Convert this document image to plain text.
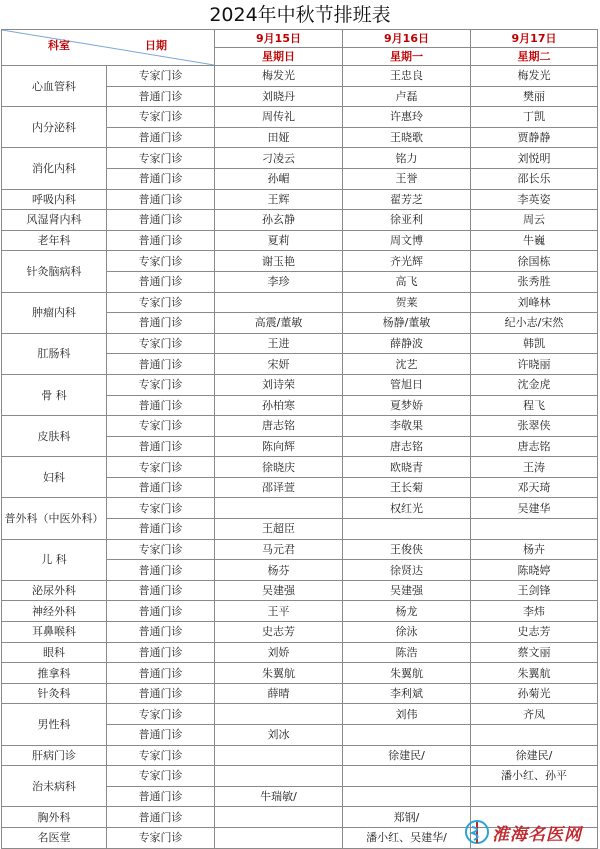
2024年中秋节排班表
科室 日期		9月15日	9月16日	9月17日
		星期日	星期一	星期二
心血管科	专家门诊	梅发光	王忠良	梅发光
	普通门诊	刘晓丹	卢磊	樊丽
内分泌科	专家门诊	周传礼	许惠玲	丁凯
	普通门诊	田娅	王晓歌	贾静静
消化内科	专家门诊	刁凌云	铭力	刘悦明
	普通门诊	孙嵋	王誉	邵长乐
呼吸内科	普通门诊	王辉	翟芳芝	李英姿
风湿肾内科	普通门诊	孙玄静	徐亚利	周云
老年科	普通门诊	夏莉	周文博	牛巍
针灸脑病科	专家门诊	谢玉艳	齐光辉	徐国栋
	普通门诊	李珍	高飞	张秀胜
肿瘤内科	专家门诊		贺莱	刘峰林
	普通门诊	高震/董敏	杨静/董敏	纪小志/宋然
肛肠科	专家门诊	王进	薛静波	韩凯
	普通门诊	宋妍	沈艺	许晓丽
骨 科	专家门诊	刘诗荣	管旭日	沈金虎
	普通门诊	孙柏寒	夏梦娇	程飞
皮肤科	专家门诊	唐志铭	李敬果	张翠侠
	普通门诊	陈向辉	唐志铭	唐志铭
妇科	专家门诊	徐晓庆	欧晓青	王涛
	普通门诊	邵译萱	王长菊	邓天琦
普外科（中医外科）	专家门诊		权红光	吴建华
	普通门诊	王超臣		
儿 科	专家门诊	马元君	王俊侠	杨卉
	普通门诊	杨芬	徐贤达	陈晓婷
泌尿外科	普通门诊	吴建强	吴建强	王剑锋
神经外科	普通门诊	王平	杨龙	李炜
耳鼻喉科	普通门诊	史志芳	徐泳	史志芳
眼科	普通门诊	刘娇	陈浩	蔡文丽
推拿科	普通门诊	朱翼航	朱翼航	朱翼航
针灸科	普通门诊	薛晴	李利斌	孙菊光
男性科	专家门诊		刘伟	齐凤
	普通门诊	刘冰		
肝病门诊	专家门诊		徐建民/	徐建民/
治未病科	专家门诊			潘小红、孙平
	普通门诊	牛瑞敏/		
胸外科	普通门诊		郑钢/	
名医堂	专家门诊		潘小红、吴建华/		淮海名医网
